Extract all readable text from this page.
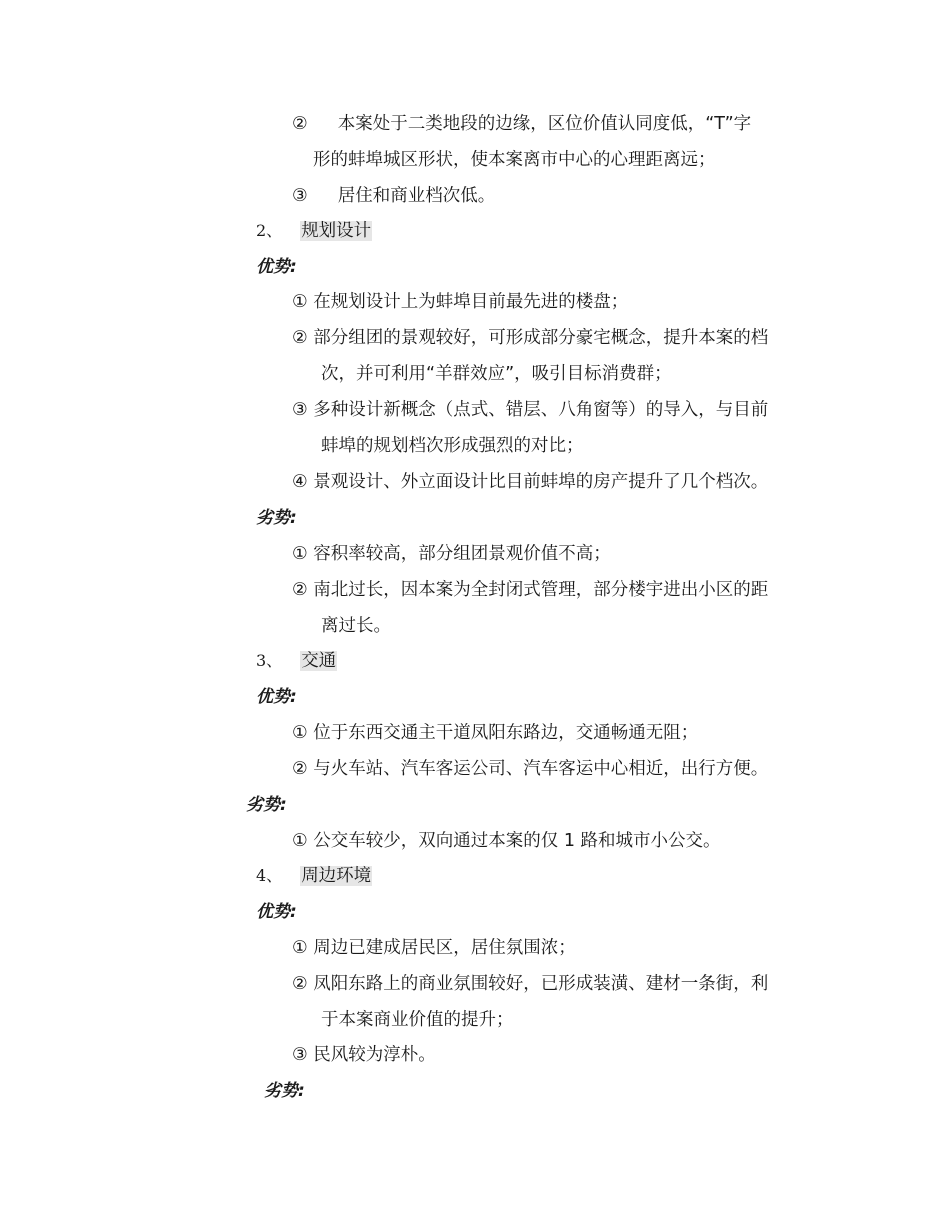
② 本案处于二类地段的边缘，区位价值认同度低，“T”字
形的蚌埠城区形状，使本案离市中心的心理距离远；
③ 居住和商业档次低。
2、 规划设计
优势:
① 在规划设计上为蚌埠目前最先进的楼盘；
② 部分组团的景观较好，可形成部分豪宅概念，提升本案的档
次，并可利用“羊群效应”，吸引目标消费群；
③ 多种设计新概念（点式、错层、八角窗等）的导入，与目前
蚌埠的规划档次形成强烈的对比；
④ 景观设计、外立面设计比目前蚌埠的房产提升了几个档次。
劣势:
① 容积率较高，部分组团景观价值不高；
② 南北过长，因本案为全封闭式管理，部分楼宇进出小区的距
离过长。
3、 交通
优势:
① 位于东西交通主干道凤阳东路边，交通畅通无阻；
② 与火车站、汽车客运公司、汽车客运中心相近，出行方便。
劣势:
① 公交车较少，双向通过本案的仅 1 路和城市小公交。
4、 周边环境
优势:
① 周边已建成居民区，居住氛围浓；
② 凤阳东路上的商业氛围较好，已形成装潢、建材一条街，利
于本案商业价值的提升；
③ 民风较为淳朴。
劣势:
